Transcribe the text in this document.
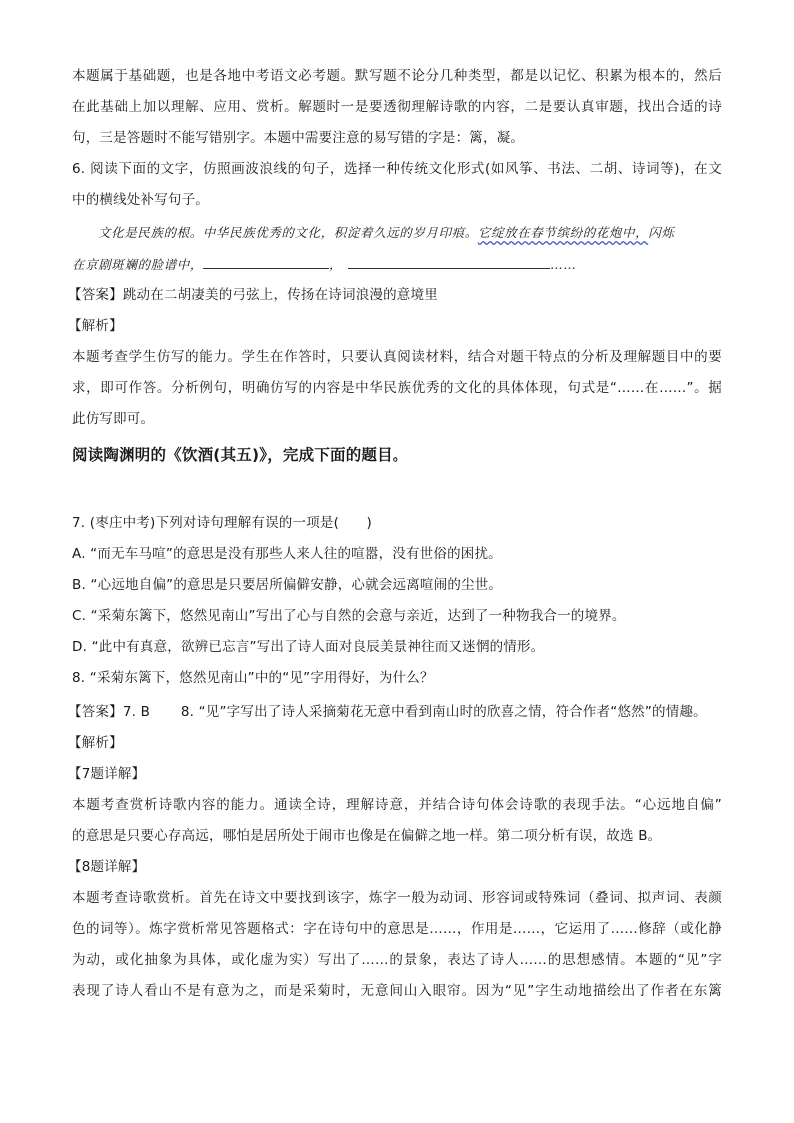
本题属于基础题，也是各地中考语文必考题。默写题不论分几种类型，都是以记忆、积累为根本的，然后
在此基础上加以理解、应用、赏析。解题时一是要透彻理解诗歌的内容，二是要认真审题，找出合适的诗
句，三是答题时不能写错别字。本题中需要注意的易写错的字是：篱，凝。
6. 阅读下面的文字，仿照画波浪线的句子，选择一种传统文化形式(如风筝、书法、二胡、诗词等)，在文
中的横线处补写句子。
文化是民族的根。中华民族优秀的文化，积淀着久远的岁月印痕。它绽放在春节缤纷的花炮中，闪烁
在京剧斑斓的脸谱中，	，	……
【答案】跳动在二胡凄美的弓弦上，传扬在诗词浪漫的意境里
【解析】
本题考查学生仿写的能力。学生在作答时，只要认真阅读材料，结合对题干特点的分析及理解题目中的要
求，即可作答。分析例句，明确仿写的内容是中华民族优秀的文化的具体体现，句式是“……在……”。据
此仿写即可。
阅读陶渊明的《饮酒(其五)》，完成下面的题目。
7. (枣庄中考)下列对诗句理解有误的一项是(　　)
A. “而无车马喧”的意思是没有那些人来人往的喧嚣，没有世俗的困扰。
B. “心远地自偏”的意思是只要居所偏僻安静，心就会远离喧闹的尘世。
C. “采菊东篱下，悠然见南山”写出了心与自然的会意与亲近，达到了一种物我合一的境界。
D. “此中有真意，欲辨已忘言”写出了诗人面对良辰美景神往而又迷惘的情形。
8. “采菊东篱下，悠然见南山”中的“见”字用得好，为什么？
【答案】7. B 8. “见”字写出了诗人采摘菊花无意中看到南山时的欣喜之情，符合作者“悠然”的情趣。
【解析】
【7题详解】
本题考查赏析诗歌内容的能力。通读全诗，理解诗意，并结合诗句体会诗歌的表现手法。“心远地自偏”
的意思是只要心存高远，哪怕是居所处于闹市也像是在偏僻之地一样。第二项分析有误，故选 B。
【8题详解】
本题考查诗歌赏析。首先在诗文中要找到该字，炼字一般为动词、形容词或特殊词（叠词、拟声词、表颜
色的词等）。炼字赏析常见答题格式：字在诗句中的意思是……，作用是……，它运用了……修辞（或化静
为动，或化抽象为具体，或化虚为实）写出了……的景象，表达了诗人……的思想感情。本题的“见”字
表现了诗人看山不是有意为之，而是采菊时，无意间山入眼帘。因为“见”字生动地描绘出了作者在东篱
